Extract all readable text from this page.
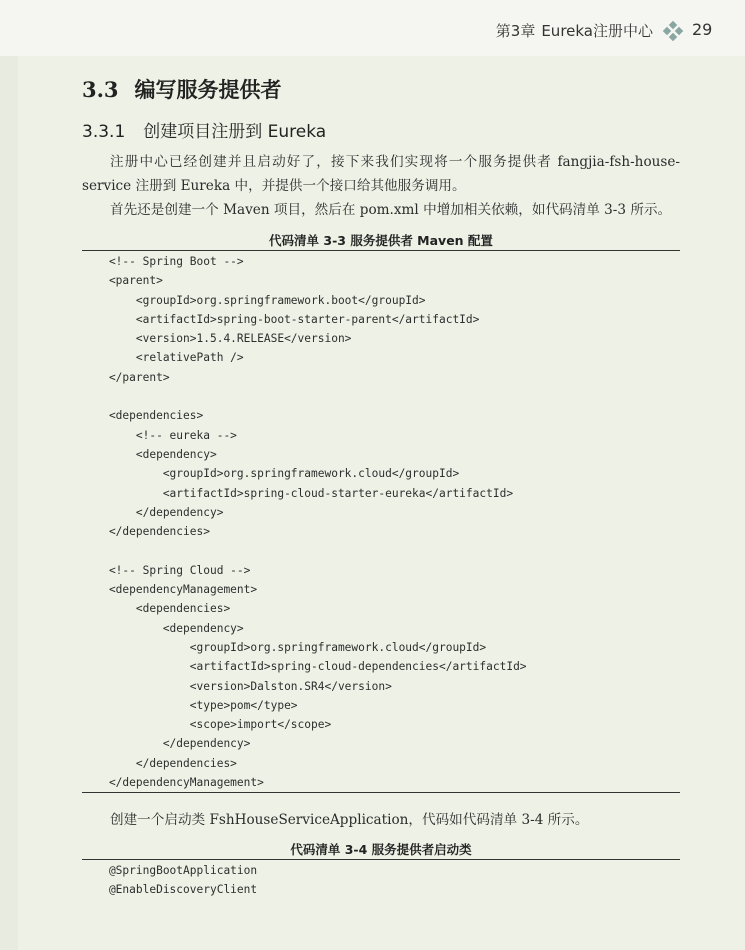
第3章 Eureka注册中心 29
3.3 编写服务提供者
3.3.1 创建项目注册到 Eureka
注册中心已经创建并且启动好了，接下来我们实现将一个服务提供者 fangjia-fsh-house-service 注册到 Eureka 中，并提供一个接口给其他服务调用。
首先还是创建一个 Maven 项目，然后在 pom.xml 中增加相关依赖，如代码清单 3-3 所示。
代码清单 3-3 服务提供者 Maven 配置
<!-- Spring Boot -->
<parent>
<groupId>org.springframework.boot</groupId>
<artifactId>spring-boot-starter-parent</artifactId>
<version>1.5.4.RELEASE</version>
<relativePath />
</parent>

<dependencies>
<!-- eureka -->
<dependency>
<groupId>org.springframework.cloud</groupId>
<artifactId>spring-cloud-starter-eureka</artifactId>
</dependency>
</dependencies>

<!-- Spring Cloud -->
<dependencyManagement>
<dependencies>
<dependency>
<groupId>org.springframework.cloud</groupId>
<artifactId>spring-cloud-dependencies</artifactId>
<version>Dalston.SR4</version>
<type>pom</type>
<scope>import</scope>
</dependency>
</dependencies>
</dependencyManagement>
创建一个启动类 FshHouseServiceApplication，代码如代码清单 3-4 所示。
代码清单 3-4 服务提供者启动类
@SpringBootApplication
@EnableDiscoveryClient
